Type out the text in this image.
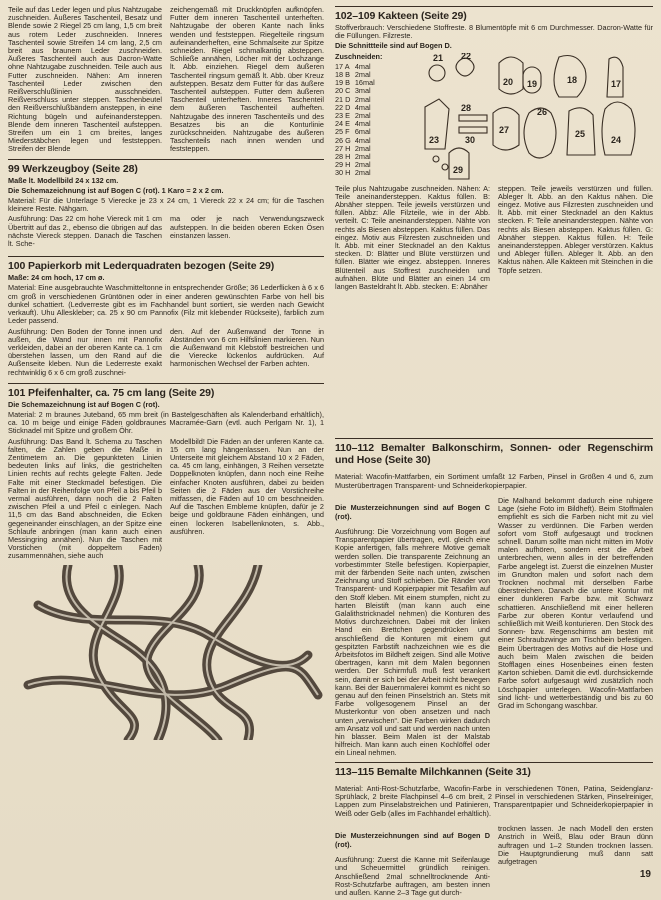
Teile auf das Leder legen und plus Nahtzugabe zuschneiden. Äußeres Taschenteil, Besatz und Blende sowie 2 Riegel 25 cm lang, 1,5 cm breit aus rotem Leder zuschneiden. Inneres Taschenteil sowie Streifen 14 cm lang, 2,5 cm breit aus braunem Leder zuschneiden. Äußeres Taschenteil auch aus Dacron-Watte ohne Nahtzugabe zuschneiden. Teile auch aus Futter zuschneiden. Nähen: Am inneren Taschenteil Leder zwischen den Reißverschlußlinien ausschneiden. Reißverschluss unter steppen. Taschenbeutel den Reißverschlußbändern ansteppen, in eine Richtung bügeln und aufeinandersteppen. Blende dem inneren Taschenteil aufsteppen. Streifen um ein 1 cm breites, langes Miederstäbchen legen und feststeppen. Streifen der Blende
zeichengemäß mit Druckknöpfen aufknöpfen. Futter dem inneren Taschenteil unterheften. Nahtzugabe der oberen Kante nach links wenden und feststeppen. Riegelteile ringsum aufeinanderheften, eine Schmalseite zur Spitze schneiden. Riegel schmalkantig absteppen. Schließe annähen, Löcher mit der Lochzange lt. Abb. einziehen. Riegel dem äußeren Taschenteil ringsum gemäß lt. Abb. über Kreuz aufsteppen. Besatz dem Futter für das äußere Taschenteil aufsteppen. Futter dem äußeren Taschenteil unterheften. Inneres Taschenteil dem äußeren Taschenteil aufheften. Nahtzugabe des inneren Taschenteils und des Besatzes bis an die Konturlinie zurückschneiden. Nahtzugabe des äußeren Taschenteils nach innen wenden und feststeppen.
99 Werkzeugboy (Seite 28)

Maße lt. Modellbild 24 x 132 cm.

Die Schemazeichnung ist auf Bogen C (rot). 1 Karo = 2 x 2 cm.

Material: Für die Unterlage 5 Vierecke je 23 x 24 cm, 1 Viereck 22 x 24 cm; für die Taschen kleinere Reste. Nähgarn.

Ausführung: Das 22 cm hohe Viereck mit 1 cm Übertritt auf das 2., ebenso die übrigen auf das nächste Viereck steppen. Danach die Taschen lt. Sche-
ma oder je nach Verwendungszweck aufsteppen. In die beiden oberen Ecken Ösen einstanzen lassen.
100 Papierkorb mit Lederquadraten bezogen (Seite 29)

Maße: 24 cm hoch, 17 cm ø.

Material: Eine ausgebrauchte Waschmitteltonne in entsprechender Größe; 36 Lederflicken à 6 x 6 cm groß in verschiedenen Grüntönen oder in einer anderen gewünschten Farbe von hell bis dunkel schattiert. (Ledverreste gibt es im Fachhandel bunt sortiert, sie werden nach Gewicht verkauft). Uhu Alleskleber; ca. 25 x 90 cm Pannofix (Filz mit klebender Rückseite), farblich zum Leder passend.

Ausführung: Den Boden der Tonne innen und außen, die Wand nur innen mit Pannofix verkleiden, dabei an der oberen Kante ca. 1 cm überstehen lassen, um den Rand auf die Außenseite kleben. Nun die Lederreste exakt rechtwinklig 6 x 6 cm groß zuschnei-
den. Auf der Außenwand der Tonne in Abständen von 6 cm Hilfslinien markieren. Nun die Außenwand mit Klebstoff bestreichen und die Vierecke lückenlos aufdrücken. Auf harmonischen Wechsel der Farben achten.
101 Pfeifenhalter, ca. 75 cm lang (Seite 29)

Die Schemazeichnung ist auf Bogen C (rot).

Material: 2 m braunes Juteband, 65 mm breit (in Bastelgeschäften als Kalenderband erhältlich), ca. 10 m beige und einige Fäden goldbraunes Macramée-Garn (evtl. auch Perlgarn Nr. 1), 1 Sticknadel mit Spitze und großem Öhr.

Ausführung: Das Band lt. Schema zu Taschen falten, die Zahlen geben die Maße in Zentimetern an. Die gepunkteten Linien bedeuten links auf links, die gestrichelten Linien rechts auf rechts gelegte Falten. Jede Falte mit einer Steckmadel befestigen. Die Falten in der Reihenfolge von Pfeil a bis Pfeil b vermal ausführen, dann noch die 2 Falten zwischen Pfeil a und Pfeil c einlegen. Nach 11,5 cm das Band abschneiden, die Ecken gegeneinander einschlagen, an der Spitze eine Schlaufe anbringen (man kann auch einen Messingring annähen). Nun die Taschen mit Vorstichen (mit doppeltem Faden) zusammennähen, siehe auch
Modellbild! Die Fäden an der unferen Kante ca. 15 cm lang hängenlassen. Nun an der Unterseite mit gleichem Abstand 10 x 2 Fäden, ca. 45 cm lang, einhängen, 3 Reihen versetzte Doppelknoten knüpfen, dann noch eine Reihe einfacher Knoten ausführen, dabei zu beiden Seiten die 2 Fäden aus der Vorstichreihe mitfassen, die Fäden auf 10 cm beschneiden. Auf die Taschen Embleme knüpfen, dafür je 2 beige und goldbraune Fäden einhängen, und einen lockeren Isabellenknoten, s. Abb., ausführen.
102–109 Kakteen (Seite 29)

Stoffverbrauch: Verschiedene Stoffreste. 8 Blumentöpfe mit 6 cm Durchmesser. Dacron-Watte für die Füllungen. Filzreste.

Die Schnittteile sind auf Bogen D.

Zuschneiden:

17 A	4mal
18 B	2mal
19 B	16mal
20 C	3mal
21 D	2mal
22 D	4mal
23 E	2mal
24 E	4mal
25 F	6mal
26 G	4mal
27 H	2mal
28 H	2mal
29 H	2mal
30 H	2mal
21 22
18
19
20	17
28
27
26
30
25
23	24
29
Teile plus Nahtzugabe zuschneiden. Nähen: A: Teile aneinandersteppen. Kaktus füllen. B: Abnäher steppen. Teile jeweils verstürzen und füllen. Abbz: Alle Filzteile, wie in der Abb. verteilt. C: Teile aneinandersteppen. Nähte von rechts als Biesen absteppen. Kaktus füllen. Das eingez. Motiv aus Filzresten zuschneiden und lt. Abb. mit einer Stecknadel an den Kaktus stecken. D: Blätter und Blüte verstürzen und füllen. Blätter wie eingez. absteppen. Inneres Blütenteil aus Stoffrest zuschneiden und aufnähen. Blüte und Blätter an einen 14 cm langen Basteldraht lt. Abb. stecken. E: Abnäher
steppen. Teile jeweils verstürzen und füllen. Ableger lt. Abb. an den Kaktus nähen. Die eingez. Motive aus Filzresten zuschneiden und lt. Abb. mit einer Stecknadel an den Kaktus stecken. F: Teile aneinandersteppen. Nähte von rechts als Biesen absteppen. Kaktus füllen. G: Abnäher steppen. Kaktus füllen. H: Teile aneinandersteppen. Ableger verstürzen. Kaktus und Ableger füllen. Ableger lt. Abb. an den Kaktus nähen. Alle Kakteen mit Steinchen in die Töpfe setzen.
110–112 Bemalter Balkonschirm, Sonnen- oder Regenschirm und Hose (Seite 30)

Material: Wacofin-Mattfarben, ein Sortiment umfaßt 12 Farben, Pinsel in Größen 4 und 6, zum Musterübertragen Transparent- und Schneiderkopierpapier.

Die Musterzeichnungen sind auf Bogen C (rot).

Ausführung: Die Vorzeichnung vom Bogen auf Transparentpapier übertragen, evtl. gleich eine Kopie anfertigen, falls mehrere Motive gemalt werden sollen. Die transparente Zeichnung an vorbestimmter Stelle befestigen. Kopierpapier, mit der färbenden Seite nach unten, zwischen Zeichnung und Stoff schieben. Die Ränder von Transparent- und Kopierpapier mit Tesafilm auf den Stoff kleben. Mit einem stumpfen, nicht zu harten Bleistift (man kann auch eine Galalithstricknadel nehmen) die Konturen des Motivs durchzeichnen. Dabei mit der linken Hand ein Brettchen gegendrücken und anschließend die Konturen mit einem gut gespitzten Farbstift nachzeichnen wie es die Arbeitsfotos im Bildheft zeigen. Sind alle Motive übertragen, kann mit dem Malen begonnen werden. Der Schirmfuß muß fest verankert sein, damit er sich bei der Arbeit nicht bewegen kann. Bei der Bauernmalerei kommt es nicht so genau auf den feinen Pinselstrich an. Stets mit Farbe vollgesogenem Pinsel an der Musterkontur von oben ansetzen und nach unten „verwischen“. Die Farben wirken dadurch am Ansatz voll und satt und werden nach unten hin blasser. Beim Malen ist der Malstab hilfreich. Man kann auch einen Kochlöffel oder ein Lineal nehmen.
Die Malhand bekommt dadurch eine ruhigere Lage (siehe Foto im Bildheft). Beim Stoffmalen empfiehlt es sich die Farben nicht mit zu viel Wasser zu verdünnen. Die Farben werden sofort vom Stoff aufgesaugt und trocknen schnell. Darum sollte man nicht mitten im Motiv malen aufhören, sondern erst die Arbeit unterbrechen, wenn alles in der betreffenden Farbe angelegt ist. Zuerst die einzelnen Muster im Grundton malen und sofort nach dem Trocknen nochmal mit derselben Farbe überstreichen. Danach die untere Kontur mit einer dunkleren Farbe bzw. mit Schwarz schattieren. Anschließend mit einer helleren Farbe zur oberen Kontur verlaufend und schließlich mit Weiß konturieren. Den Stock des Sonnen- bzw. Regenschirms am besten mit einer Schraubzwinge am Tischbein befestigen. Beim Übertragen des Motivs auf die Hose und auch beim Malen zwischen die beiden Stofflagen eines Hosenbeines einen festen Karton schieben. Damit die evtl. durchsickernde Farbe sofort aufgesaugt wird zusätzlich noch Löschpapier unterlegen. Wacofin-Mattfarben sind licht- und wetterbeständig und bis zu 60 Grad im Schongang waschbar.
113–115 Bemalte Milchkannen (Seite 31)

Material: Anti-Rost-Schutzfarbe, Wacofin-Farbe in verschiedenen Tönen, Patina, Seidenglanz-Sprühlack, 2 breite Flachpinsel 4–6 cm breit, 2 Pinsel in verschiedenen Stärken, Pinselreiniger, Lappen zum Pinselabstreichen und Patinieren, Transparentpapier und Schneiderkopierpapier in Weiß oder Gelb (alles im Fachhandel erhältlich).

Die Musterzeichnungen sind auf Bogen D (rot).

Ausführung: Zuerst die Kanne mit Seifenlauge und Scheuermittel gründlich reinigen. Anschließend 2mal schnelltrocknende Anti-Rost-Schutzfarbe auftragen, am besten innen und außen. Kanne 2–3 Tage gut durch-
trocknen lassen. Je nach Modell den ersten Anstrich in Weiß, Blau oder Braun dünn auftragen und 1–2 Stunden trocknen lassen. Die Hauptgrundierung muß dann satt aufgetragen
19
